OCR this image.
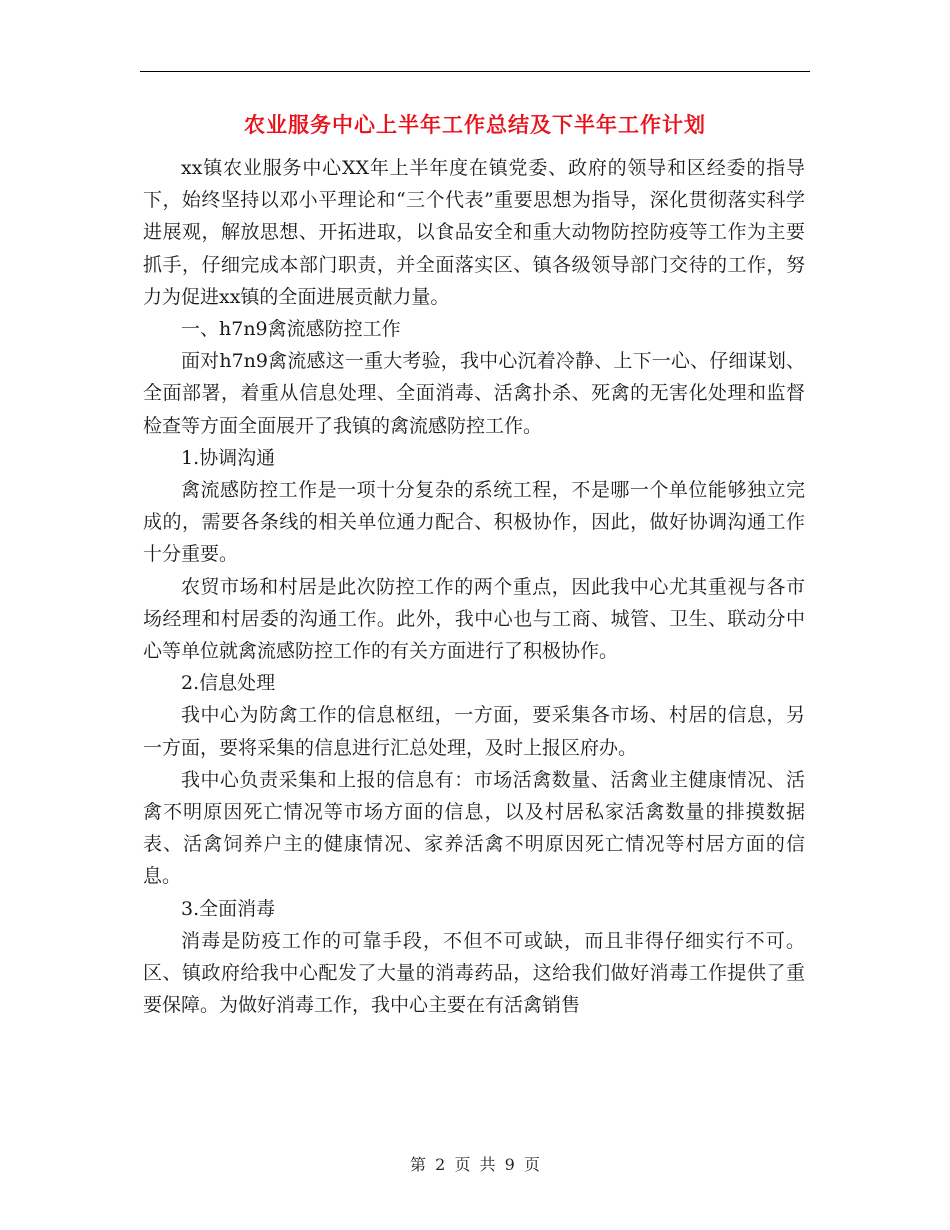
农业服务中心上半年工作总结及下半年工作计划

xx镇农业服务中心XX年上半年度在镇党委、政府的领导和区经委的指导下，始终坚持以邓小平理论和“三个代表”重要思想为指导，深化贯彻落实科学进展观，解放思想、开拓进取，以食品安全和重大动物防控防疫等工作为主要抓手，仔细完成本部门职责，并全面落实区、镇各级领导部门交待的工作，努力为促进xx镇的全面进展贡献力量。

一、h7n9禽流感防控工作

面对h7n9禽流感这一重大考验，我中心沉着冷静、上下一心、仔细谋划、全面部署，着重从信息处理、全面消毒、活禽扑杀、死禽的无害化处理和监督检查等方面全面展开了我镇的禽流感防控工作。

1.协调沟通

禽流感防控工作是一项十分复杂的系统工程，不是哪一个单位能够独立完成的，需要各条线的相关单位通力配合、积极协作，因此，做好协调沟通工作十分重要。

农贸市场和村居是此次防控工作的两个重点，因此我中心尤其重视与各市场经理和村居委的沟通工作。此外，我中心也与工商、城管、卫生、联动分中心等单位就禽流感防控工作的有关方面进行了积极协作。

2.信息处理

我中心为防禽工作的信息枢纽，一方面，要采集各市场、村居的信息，另一方面，要将采集的信息进行汇总处理，及时上报区府办。

我中心负责采集和上报的信息有：市场活禽数量、活禽业主健康情况、活禽不明原因死亡情况等市场方面的信息，以及村居私家活禽数量的排摸数据表、活禽饲养户主的健康情况、家养活禽不明原因死亡情况等村居方面的信息。

3.全面消毒

消毒是防疫工作的可靠手段，不但不可或缺，而且非得仔细实行不可。区、镇政府给我中心配发了大量的消毒药品，这给我们做好消毒工作提供了重要保障。为做好消毒工作，我中心主要在有活禽销售

第 2 页 共 9 页
